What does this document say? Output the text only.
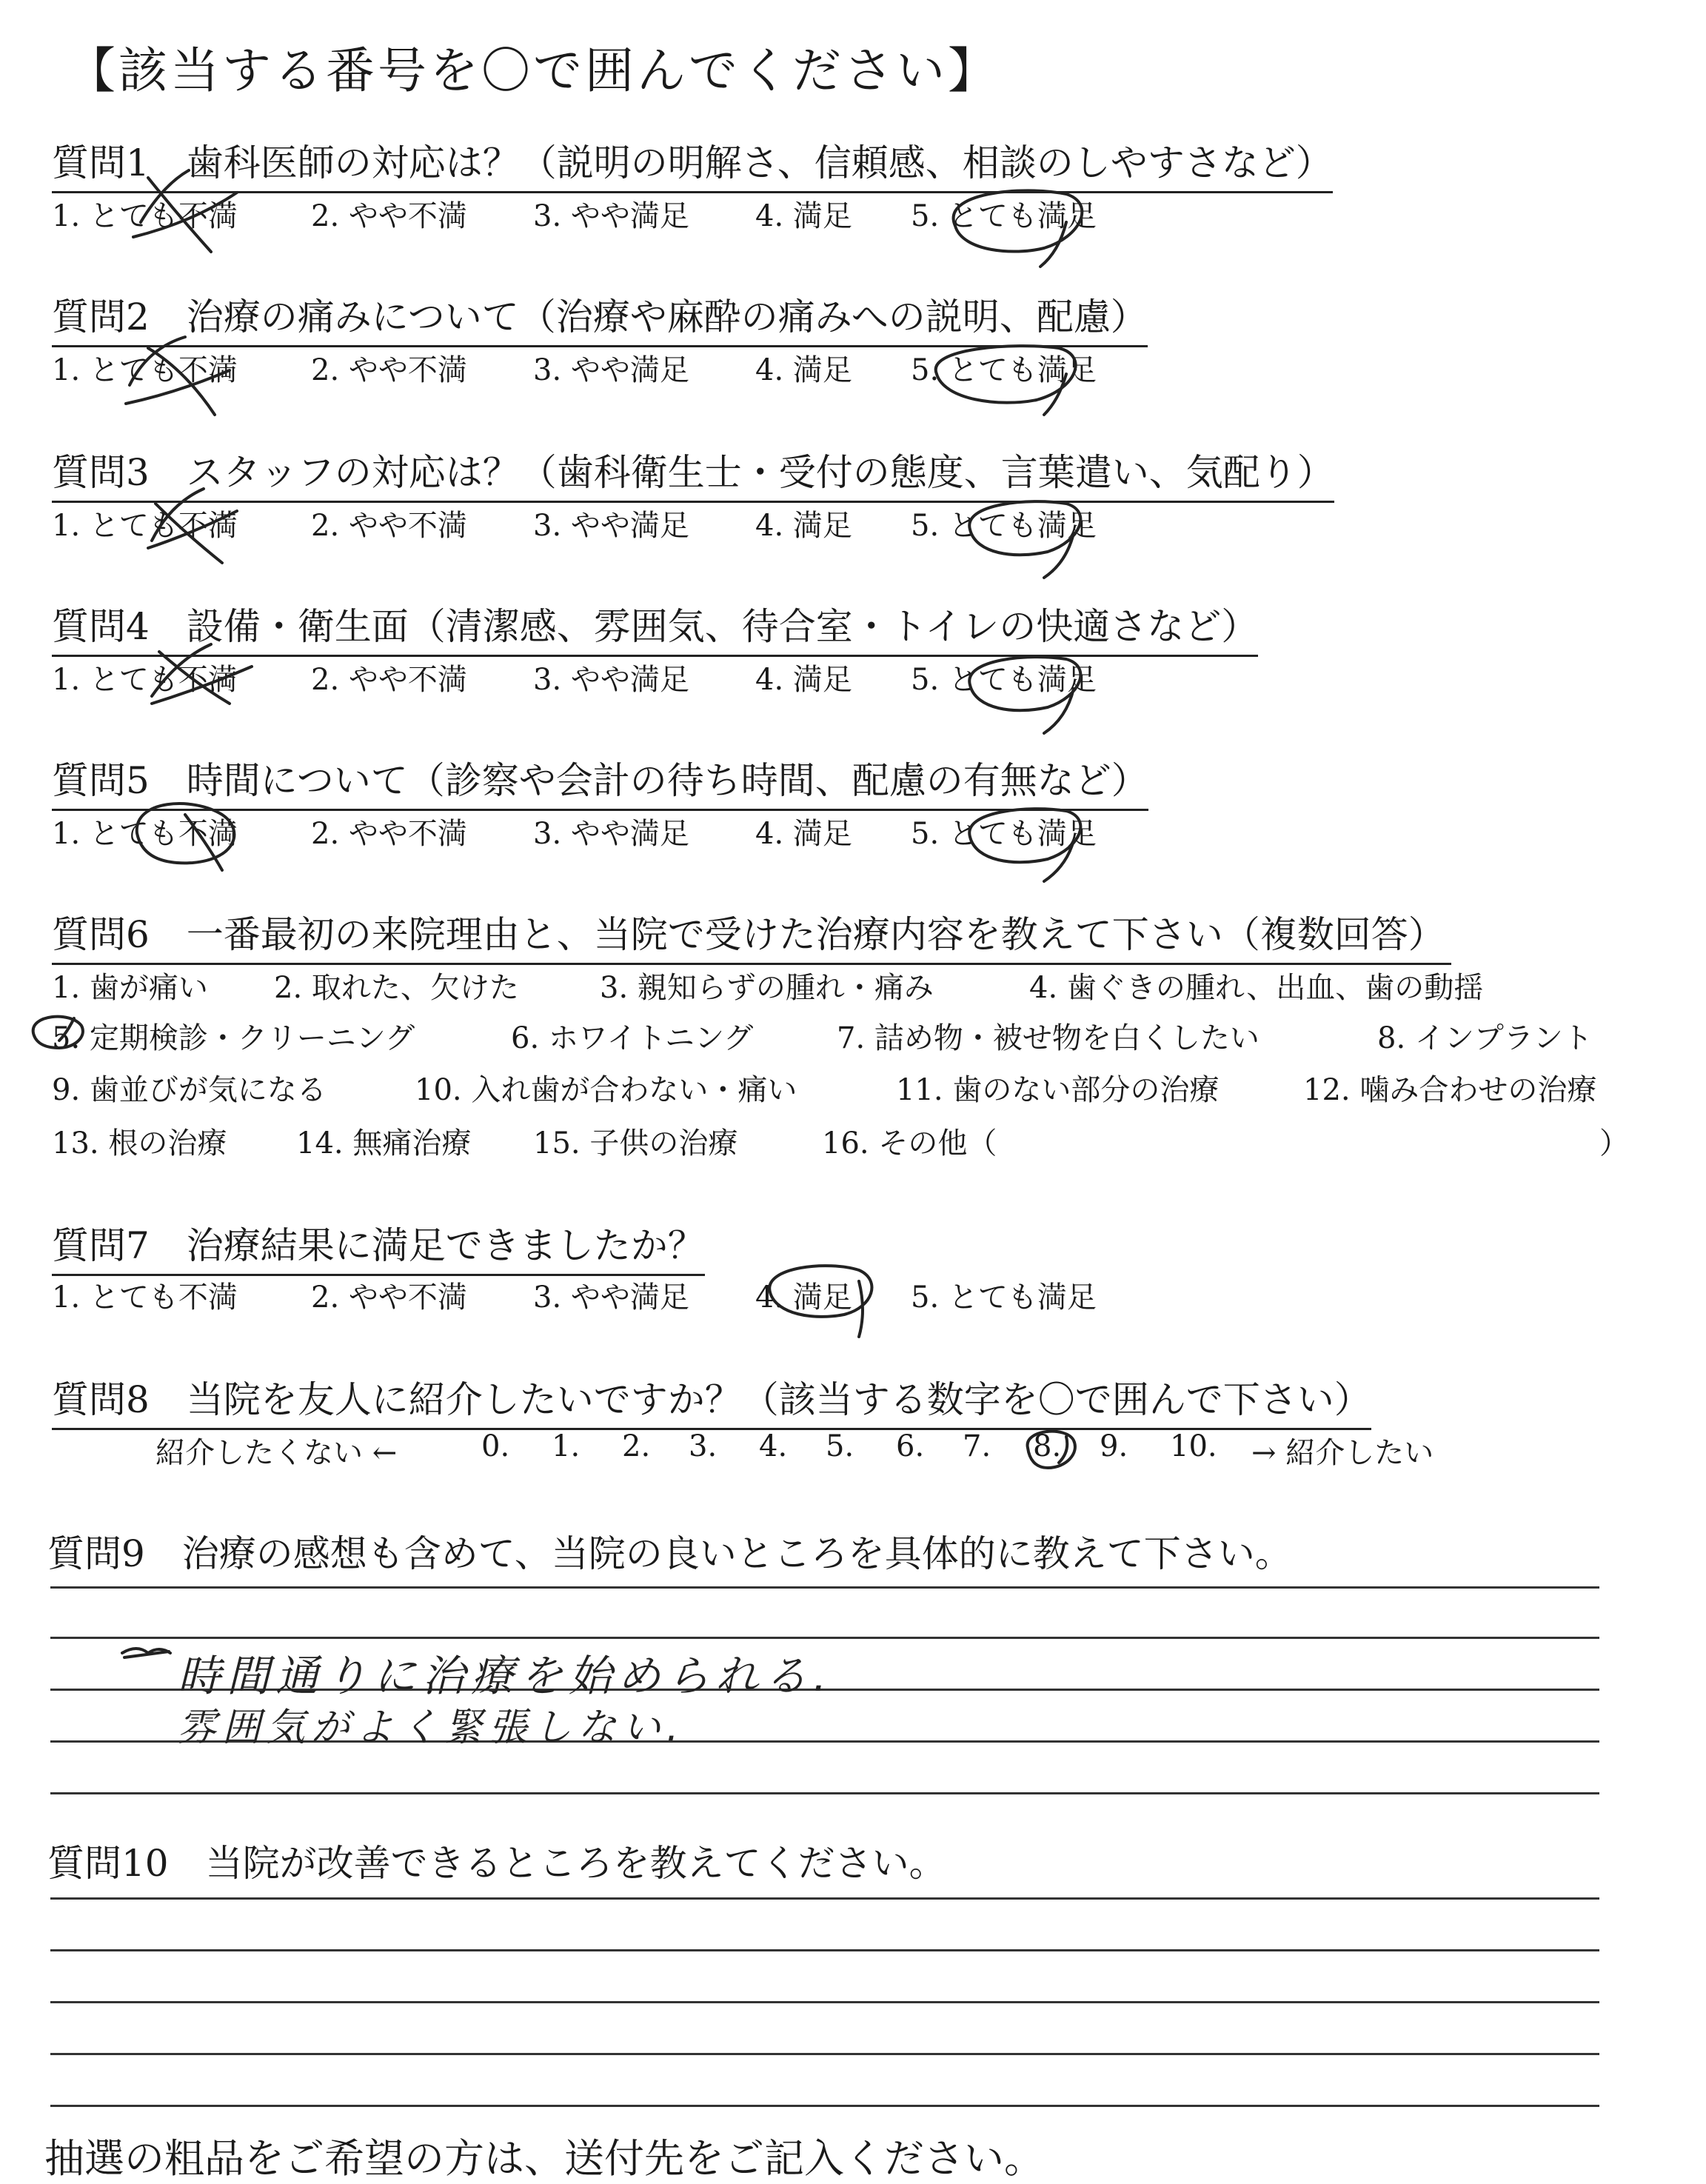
【該当する番号を〇で囲んでください】
質問1　歯科医師の対応は？（説明の明解さ、信頼感、相談のしやすさなど）
1. とても不満 2. やや不満 3. やや満足 4. 満足 5. とても満足
質問2　治療の痛みについて（治療や麻酔の痛みへの説明、配慮）
1. とても不満 2. やや不満 3. やや満足 4. 満足 5. とても満足
質問3　スタッフの対応は？（歯科衛生士・受付の態度、言葉遣い、気配り）
1. とても不満 2. やや不満 3. やや満足 4. 満足 5. とても満足
質問4　設備・衛生面（清潔感、雰囲気、待合室・トイレの快適さなど）
1. とても不満 2. やや不満 3. やや満足 4. 満足 5. とても満足
質問5　時間について（診察や会計の待ち時間、配慮の有無など）
1. とても不満 2. やや不満 3. やや満足 4. 満足 5. とても満足
質問6　一番最初の来院理由と、当院で受けた治療内容を教えて下さい（複数回答）
1. 歯が痛い 2. 取れた、欠けた	3. 親知らずの腫れ・痛み	4. 歯ぐきの腫れ、出血、歯の動揺
5. 定期検診・クリーニング	6. ホワイトニング	7. 詰め物・被せ物を白くしたい	8. インプラント
9. 歯並びが気になる	10. 入れ歯が合わない・痛い	11. 歯のない部分の治療	12. 噛み合わせの治療
13. 根の治療 14. 無痛治療 15. 子供の治療	16. その他（	）
質問7　治療結果に満足できましたか？
1. とても不満 2. やや不満 3. やや満足 4. 満足 5. とても満足
質問8　当院を友人に紹介したいですか？（該当する数字を〇で囲んで下さい）
紹介したくない ←	0. 1. 2. 3. 4. 5. 6. 7. 8. 9. 10. → 紹介したい
質問9　治療の感想も含めて、当院の良いところを具体的に教えて下さい。
時間通りに治療を始められる.
雰囲気がよく緊張しない.
質問10　当院が改善できるところを教えてください。
抽選の粗品をご希望の方は、送付先をご記入ください。
